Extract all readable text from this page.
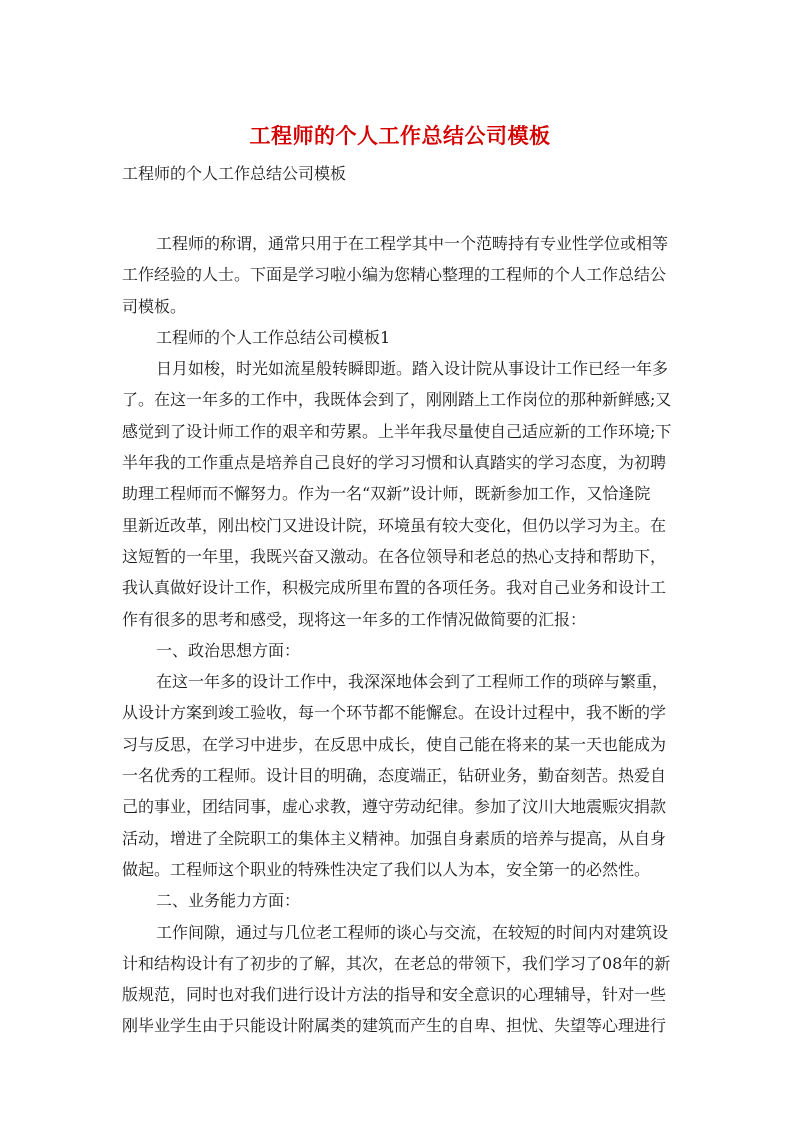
工程师的个人工作总结公司模板
工程师的个人工作总结公司模板
工程师的称谓，通常只用于在工程学其中一个范畴持有专业性学位或相等
工作经验的人士。下面是学习啦小编为您精心整理的工程师的个人工作总结公
司模板。
工程师的个人工作总结公司模板1
日月如梭，时光如流星般转瞬即逝。踏入设计院从事设计工作已经一年多
了。在这一年多的工作中，我既体会到了，刚刚踏上工作岗位的那种新鲜感;又
感觉到了设计师工作的艰辛和劳累。上半年我尽量使自己适应新的工作环境;下
半年我的工作重点是培养自己良好的学习习惯和认真踏实的学习态度，为初聘
助理工程师而不懈努力。作为一名“双新”设计师，既新参加工作，又恰逢院
里新近改革，刚出校门又进设计院，环境虽有较大变化，但仍以学习为主。在
这短暂的一年里，我既兴奋又激动。在各位领导和老总的热心支持和帮助下，
我认真做好设计工作，积极完成所里布置的各项任务。我对自己业务和设计工
作有很多的思考和感受，现将这一年多的工作情况做简要的汇报：
一、政治思想方面：
在这一年多的设计工作中，我深深地体会到了工程师工作的琐碎与繁重，
从设计方案到竣工验收，每一个环节都不能懈怠。在设计过程中，我不断的学
习与反思，在学习中进步，在反思中成长，使自己能在将来的某一天也能成为
一名优秀的工程师。设计目的明确，态度端正，钻研业务，勤奋刻苦。热爱自
己的事业，团结同事，虚心求教，遵守劳动纪律。参加了汶川大地震赈灾捐款
活动，增进了全院职工的集体主义精神。加强自身素质的培养与提高，从自身
做起。工程师这个职业的特殊性决定了我们以人为本，安全第一的必然性。
二、业务能力方面：
工作间隙，通过与几位老工程师的谈心与交流，在较短的时间内对建筑设
计和结构设计有了初步的了解，其次，在老总的带领下，我们学习了08年的新
版规范，同时也对我们进行设计方法的指导和安全意识的心理辅导，针对一些
刚毕业学生由于只能设计附属类的建筑而产生的自卑、担忧、失望等心理进行
